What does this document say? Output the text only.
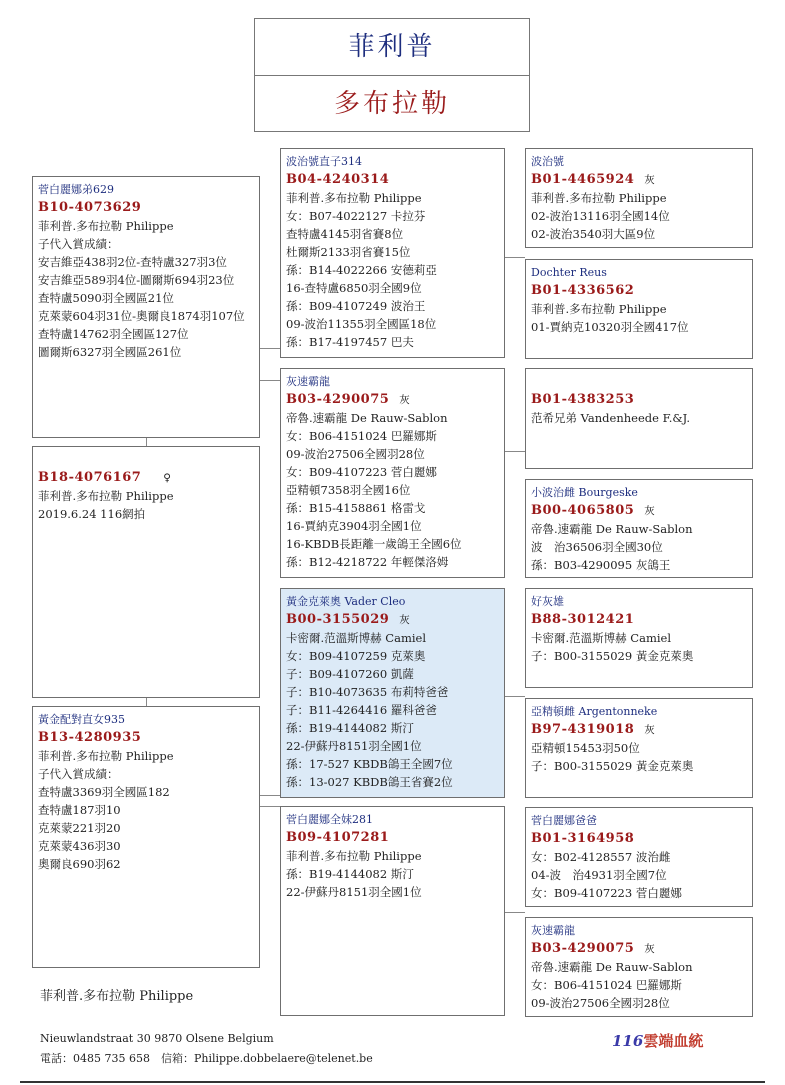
菲利普
多布拉勒
菅白麗娜弟629
B10-4073629
菲利普.多布拉勒 Philippe
子代入賞成績：
安吉維亞438羽2位-查特盧327羽3位
安吉維亞589羽4位-圖爾斯694羽23位
查特盧5090羽全國區21位
克萊蒙604羽31位-奧爾良1874羽107位
查特盧14762羽全國區127位
圖爾斯6327羽全國區261位
B18-4076167 ♀
菲利普.多布拉勒 Philippe
2019.6.24 116網拍
黃金配對直女935
B13-4280935
菲利普.多布拉勒 Philippe
子代入賞成績：
查特盧3369羽全國區182
查特盧187羽10
克萊蒙221羽20
克萊蒙436羽30
奧爾良690羽62
波治號直子314
B04-4240314
菲利普.多布拉勒 Philippe
女：B07-4022127 卡拉芬
查特盧4145羽省賽8位
杜爾斯2133羽省賽15位
孫：B14-4022266 安德莉亞
16-查特盧6850羽全國9位
孫：B09-4107249 波治王
09-波治11355羽全國區18位
孫：B17-4197457 巴夫
灰速霸龍
B03-4290075 灰
帝魯.速霸龍 De Rauw-Sablon
女：B06-4151024 巴羅娜斯
09-波治27506全國羽28位
女：B09-4107223 菅白麗娜
亞精頓7358羽全國16位
孫：B15-4158861 格雷戈
16-賈納克3904羽全國1位
16-KBDB長距離一歲鴿王全國6位
孫：B12-4218722 年輕傑洛姆
黃金克萊奧 Vader Cleo
B00-3155029 灰
卡密爾.范溫斯博赫 Camiel
女：B09-4107259 克萊奧
子：B09-4107260 凱薩
子：B10-4073635 布莉特爸爸
子：B11-4264416 羅科爸爸
孫：B19-4144082 斯汀
22-伊蘇丹8151羽全國1位
孫：17-527 KBDB鴿王全國7位
孫：13-027 KBDB鴿王省賽2位
菅白麗娜全妹281
B09-4107281
菲利普.多布拉勒 Philippe
孫：B19-4144082 斯汀
22-伊蘇丹8151羽全國1位
波治號
B01-4465924 灰
菲利普.多布拉勒 Philippe
02-波治13116羽全國14位
02-波治3540羽大區9位
Dochter Reus
B01-4336562
菲利普.多布拉勒 Philippe
01-賈納克10320羽全國417位
B01-4383253
范希兄弟 Vandenheede F.&J.
小波治雌 Bourgeske
B00-4065805 灰
帝魯.速霸龍 De Rauw-Sablon
波　治36506羽全國30位
孫：B03-4290095 灰鴿王
好灰雄
B88-3012421
卡密爾.范溫斯博赫 Camiel
子：B00-3155029 黃金克萊奧
亞精頓雌 Argentonneke
B97-4319018 灰
亞精頓15453羽50位
子：B00-3155029 黃金克萊奧
菅白麗娜爸爸
B01-3164958
女：B02-4128557 波治雌
04-波　治4931羽全國7位
女：B09-4107223 菅白麗娜
灰速霸龍
B03-4290075 灰
帝魯.速霸龍 De Rauw-Sablon
女：B06-4151024 巴羅娜斯
09-波治27506全國羽28位
菲利普.多布拉勒 Philippe
Nieuwlandstraat 30 9870 Olsene Belgium
電話：0485 735 658　信箱：Philippe.dobbelaere@telenet.be
116雲端血統
